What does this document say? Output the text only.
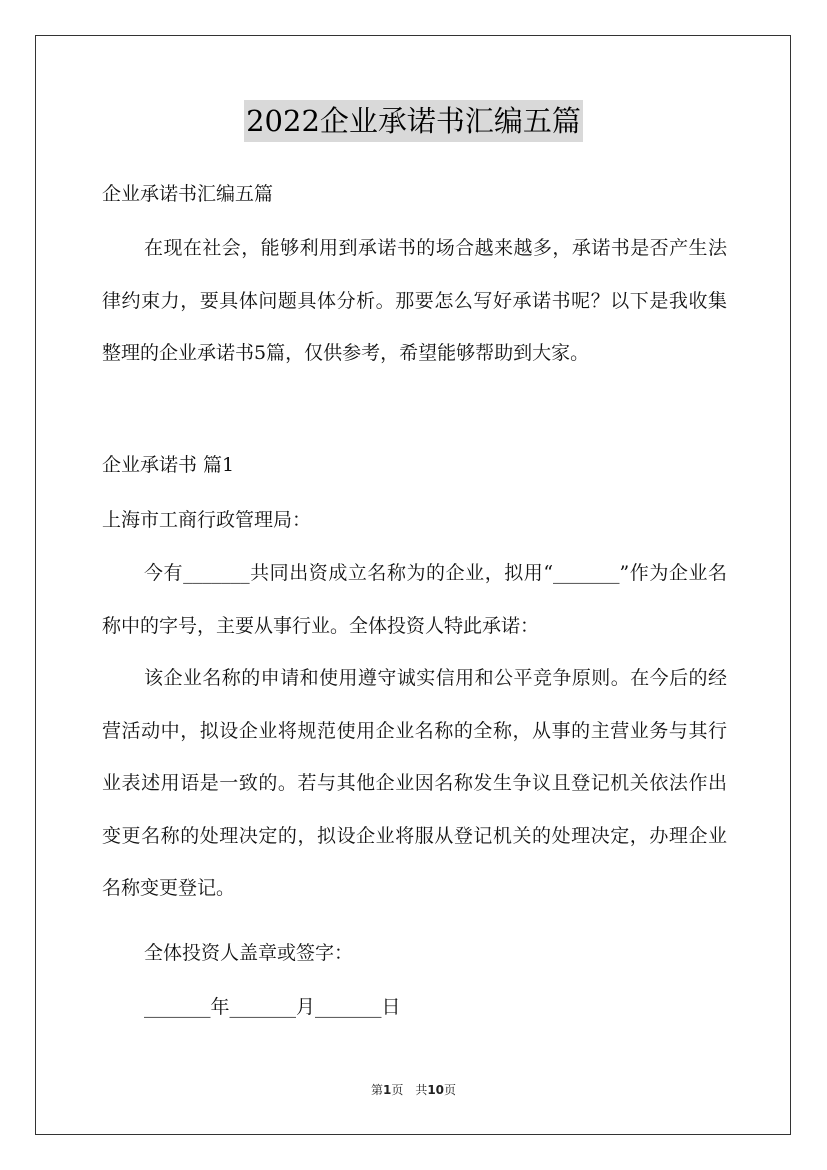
2022企业承诺书汇编五篇

企业承诺书汇编五篇

在现在社会，能够利用到承诺书的场合越来越多，承诺书是否产生法律约束力，要具体问题具体分析。那要怎么写好承诺书呢？以下是我收集整理的企业承诺书5篇，仅供参考，希望能够帮助到大家。

企业承诺书 篇1

上海市工商行政管理局：

今有_______共同出资成立名称为的企业，拟用“_______”作为企业名称中的字号，主要从事行业。全体投资人特此承诺：

该企业名称的申请和使用遵守诚实信用和公平竞争原则。在今后的经营活动中，拟设企业将规范使用企业名称的全称，从事的主营业务与其行业表述用语是一致的。若与其他企业因名称发生争议且登记机关依法作出变更名称的处理决定的，拟设企业将服从登记机关的处理决定，办理企业名称变更登记。

全体投资人盖章或签字：

_______年_______月_______日

第1页　共10页
